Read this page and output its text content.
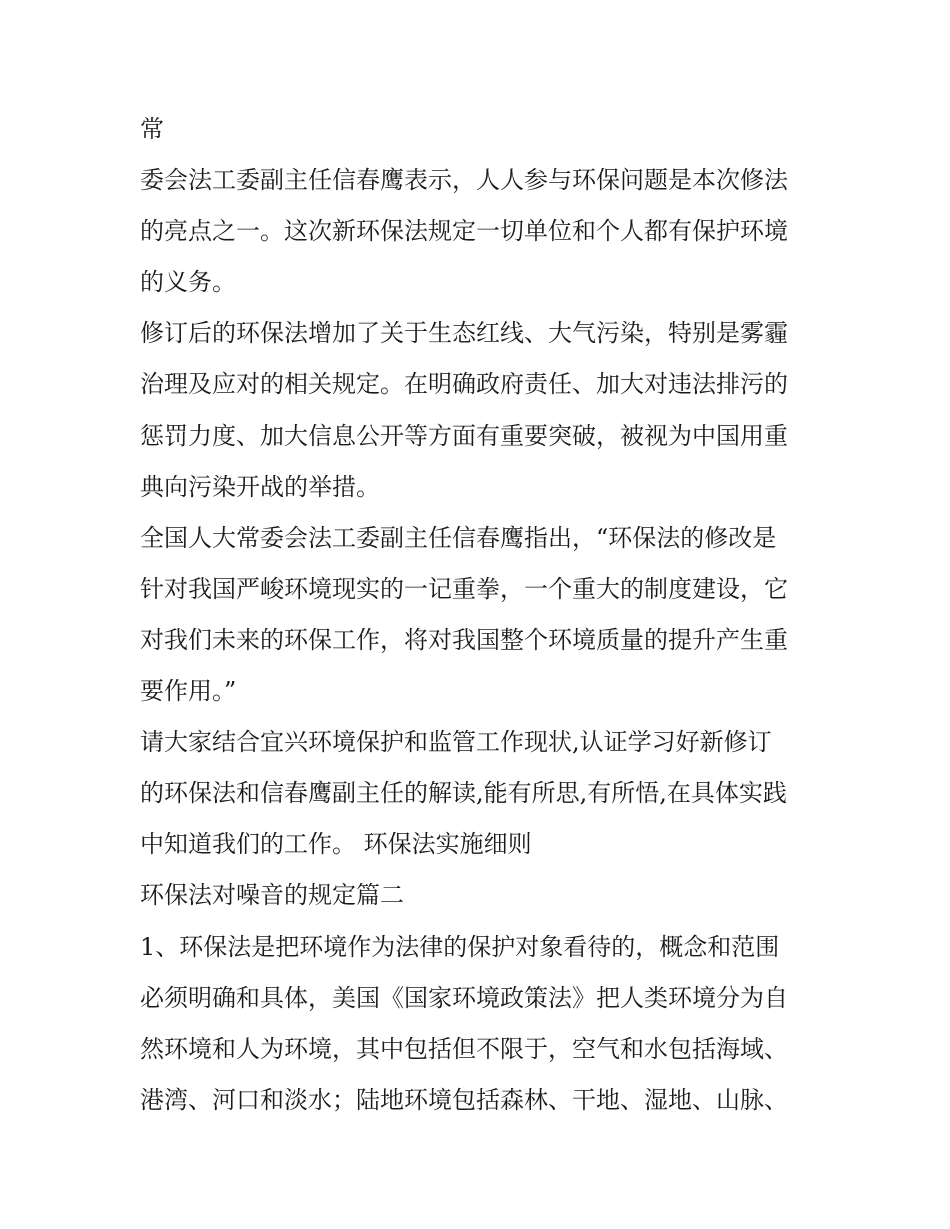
常

委会法工委副主任信春鹰表示，人人参与环保问题是本次修法
的亮点之一。这次新环保法规定一切单位和个人都有保护环境
的义务。

修订后的环保法增加了关于生态红线、大气污染，特别是雾霾
治理及应对的相关规定。在明确政府责任、加大对违法排污的
惩罚力度、加大信息公开等方面有重要突破，被视为中国用重
典向污染开战的举措。

全国人大常委会法工委副主任信春鹰指出，“环保法的修改是
针对我国严峻环境现实的一记重拳，一个重大的制度建设，它
对我们未来的环保工作，将对我国整个环境质量的提升产生重
要作用。”

请大家结合宜兴环境保护和监管工作现状,认证学习好新修订
的环保法和信春鹰副主任的解读,能有所思,有所悟,在具体实践
中知道我们的工作。 环保法实施细则

环保法对噪音的规定篇二

1、环保法是把环境作为法律的保护对象看待的，概念和范围
必须明确和具体，美国《国家环境政策法》把人类环境分为自
然环境和人为环境，其中包括但不限于，空气和水包括海域、
港湾、河口和淡水；陆地环境包括森林、干地、湿地、山脉、
